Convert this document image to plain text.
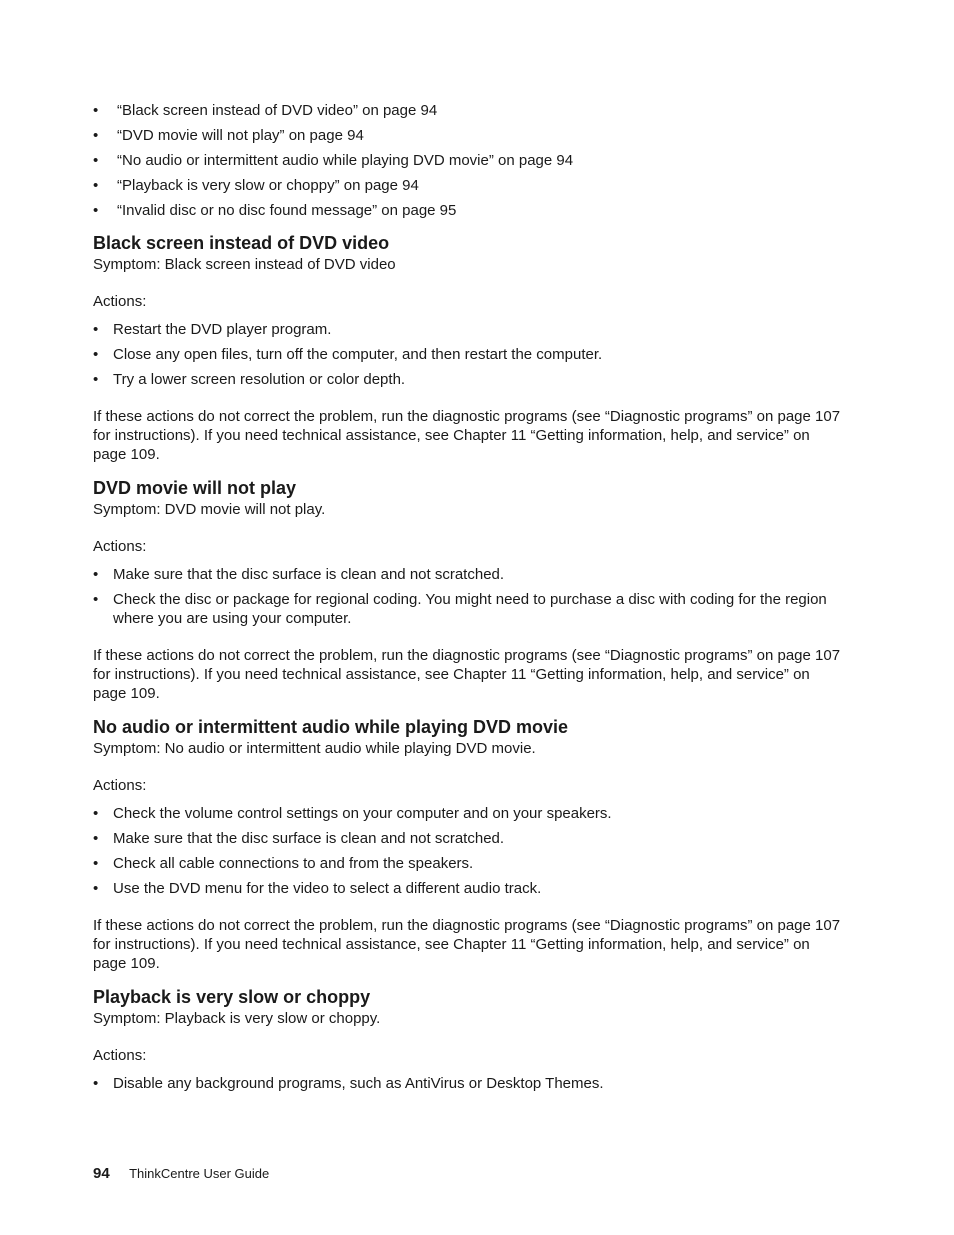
• “Black screen instead of DVD video” on page 94
• “DVD movie will not play” on page 94
• “No audio or intermittent audio while playing DVD movie” on page 94
• “Playback is very slow or choppy” on page 94
• “Invalid disc or no disc found message” on page 95
Black screen instead of DVD video

Symptom: Black screen instead of DVD video

Actions:

• Restart the DVD player program.
• Close any open files, turn off the computer, and then restart the computer.
• Try a lower screen resolution or color depth.

If these actions do not correct the problem, run the diagnostic programs (see “Diagnostic programs” on page 107 for instructions). If you need technical assistance, see Chapter 11 “Getting information, help, and service” on page 109.

DVD movie will not play

Symptom: DVD movie will not play.

Actions:

• Make sure that the disc surface is clean and not scratched.
• Check the disc or package for regional coding. You might need to purchase a disc with coding for the region where you are using your computer.

If these actions do not correct the problem, run the diagnostic programs (see “Diagnostic programs” on page 107 for instructions). If you need technical assistance, see Chapter 11 “Getting information, help, and service” on page 109.

No audio or intermittent audio while playing DVD movie

Symptom: No audio or intermittent audio while playing DVD movie.

Actions:

• Check the volume control settings on your computer and on your speakers.
• Make sure that the disc surface is clean and not scratched.
• Check all cable connections to and from the speakers.
• Use the DVD menu for the video to select a different audio track.

If these actions do not correct the problem, run the diagnostic programs (see “Diagnostic programs” on page 107 for instructions). If you need technical assistance, see Chapter 11 “Getting information, help, and service” on page 109.

Playback is very slow or choppy

Symptom: Playback is very slow or choppy.

Actions:

• Disable any background programs, such as AntiVirus or Desktop Themes.
94 ThinkCentre User Guide
